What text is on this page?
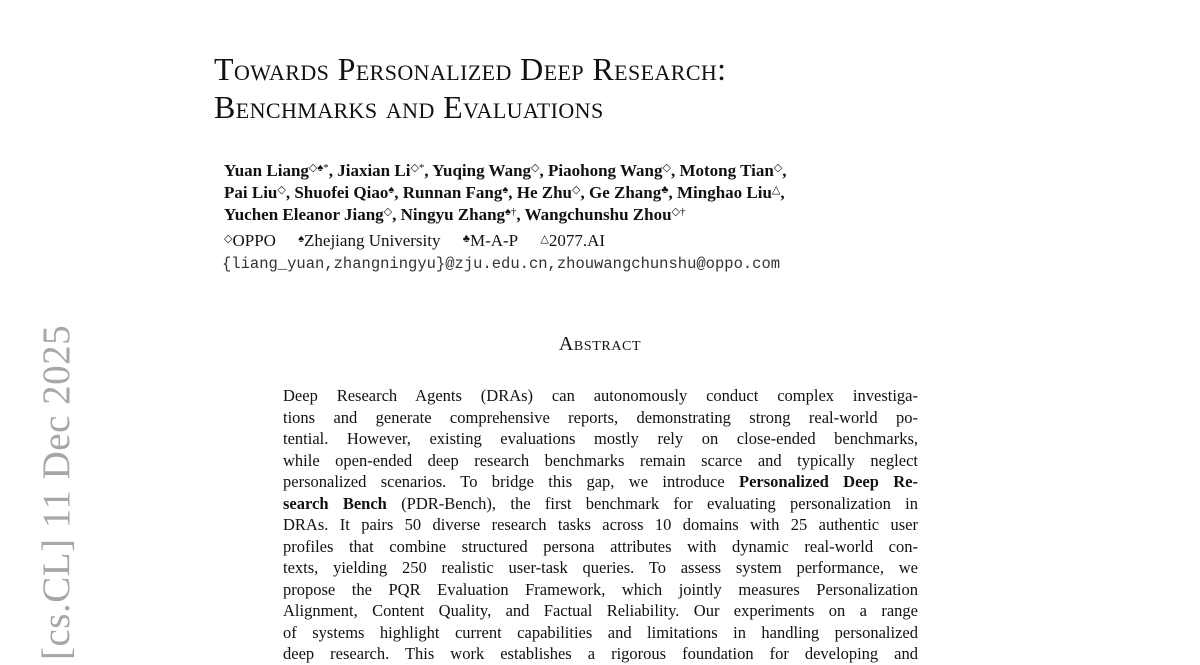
[cs.CL] 11 Dec 2025
Towards Personalized Deep Research:
Benchmarks and Evaluations
Yuan Liang◇♠*, Jiaxian Li◇*, Yuqing Wang◇, Piaohong Wang◇, Motong Tian◇,
Pai Liu◇, Shuofei Qiao♠, Runnan Fang♠, He Zhu◇, Ge Zhang♣, Minghao Liu△,
Yuchen Eleanor Jiang◇, Ningyu Zhang♠†, Wangchunshu Zhou◇†
◇OPPO ♠Zhejiang University ♣M-A-P △2077.AI
{liang_yuan,zhangningyu}@zju.edu.cn,zhouwangchunshu@oppo.com
Abstract
Deep Research Agents (DRAs) can autonomously conduct complex investiga-
tions and generate comprehensive reports, demonstrating strong real-world po-
tential. However, existing evaluations mostly rely on close-ended benchmarks,
while open-ended deep research benchmarks remain scarce and typically neglect
personalized scenarios. To bridge this gap, we introduce Personalized Deep Re-
search Bench (PDR-Bench), the first benchmark for evaluating personalization in
DRAs. It pairs 50 diverse research tasks across 10 domains with 25 authentic user
profiles that combine structured persona attributes with dynamic real-world con-
texts, yielding 250 realistic user-task queries. To assess system performance, we
propose the PQR Evaluation Framework, which jointly measures Personalization
Alignment, Content Quality, and Factual Reliability. Our experiments on a range
of systems highlight current capabilities and limitations in handling personalized
deep research. This work establishes a rigorous foundation for developing and
